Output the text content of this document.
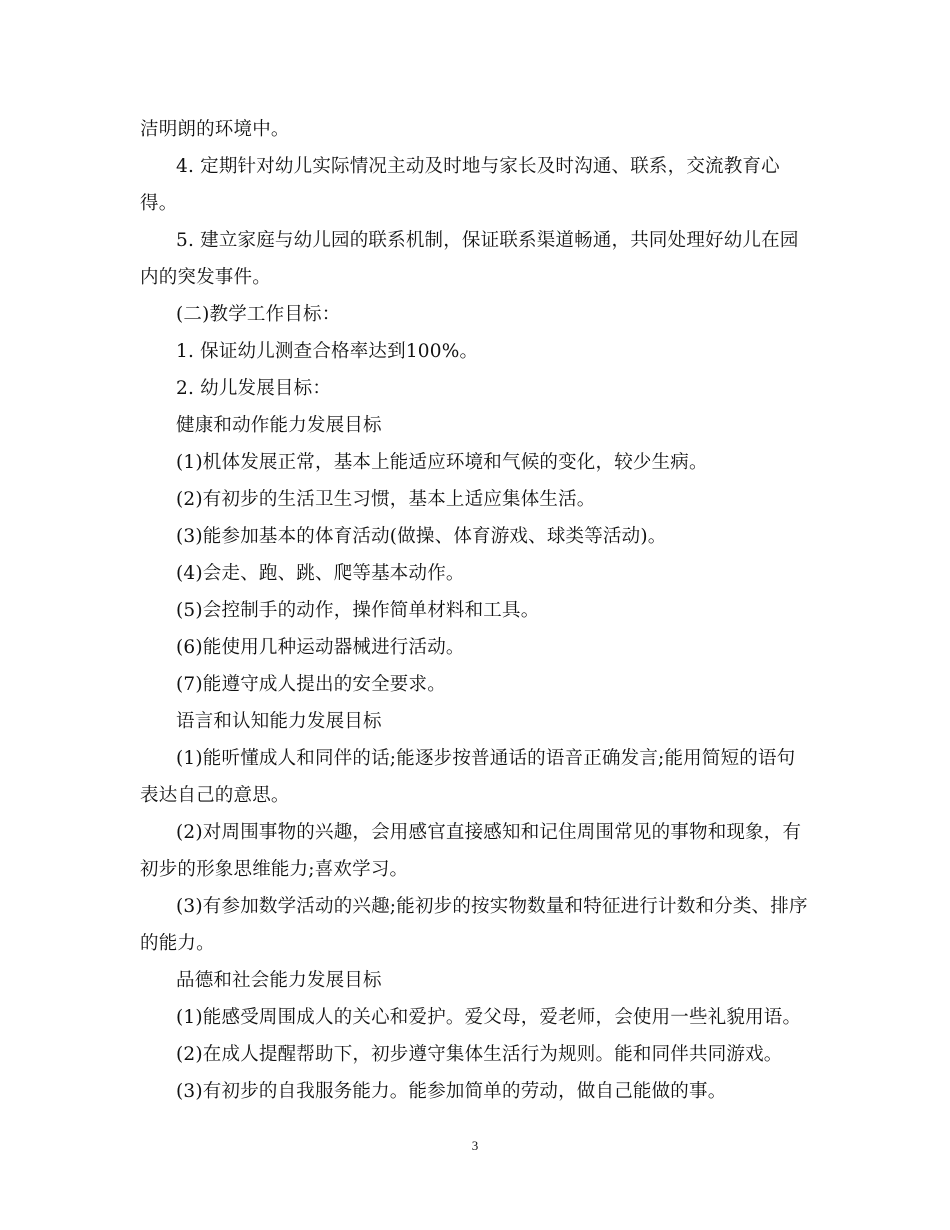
洁明朗的环境中。
4. 定期针对幼儿实际情况主动及时地与家长及时沟通、联系，交流教育心
得。
5. 建立家庭与幼儿园的联系机制，保证联系渠道畅通，共同处理好幼儿在园
内的突发事件。
(二)教学工作目标：
1. 保证幼儿测查合格率达到100%。
2. 幼儿发展目标：
健康和动作能力发展目标
(1)机体发展正常，基本上能适应环境和气候的变化，较少生病。
(2)有初步的生活卫生习惯，基本上适应集体生活。
(3)能参加基本的体育活动(做操、体育游戏、球类等活动)。
(4)会走、跑、跳、爬等基本动作。
(5)会控制手的动作，操作简单材料和工具。
(6)能使用几种运动器械进行活动。
(7)能遵守成人提出的安全要求。
语言和认知能力发展目标
(1)能听懂成人和同伴的话;能逐步按普通话的语音正确发言;能用简短的语句
表达自己的意思。
(2)对周围事物的兴趣，会用感官直接感知和记住周围常见的事物和现象，有
初步的形象思维能力;喜欢学习。
(3)有参加数学活动的兴趣;能初步的按实物数量和特征进行计数和分类、排序
的能力。
品德和社会能力发展目标
(1)能感受周围成人的关心和爱护。爱父母，爱老师，会使用一些礼貌用语。
(2)在成人提醒帮助下，初步遵守集体生活行为规则。能和同伴共同游戏。
(3)有初步的自我服务能力。能参加简单的劳动，做自己能做的事。
3
